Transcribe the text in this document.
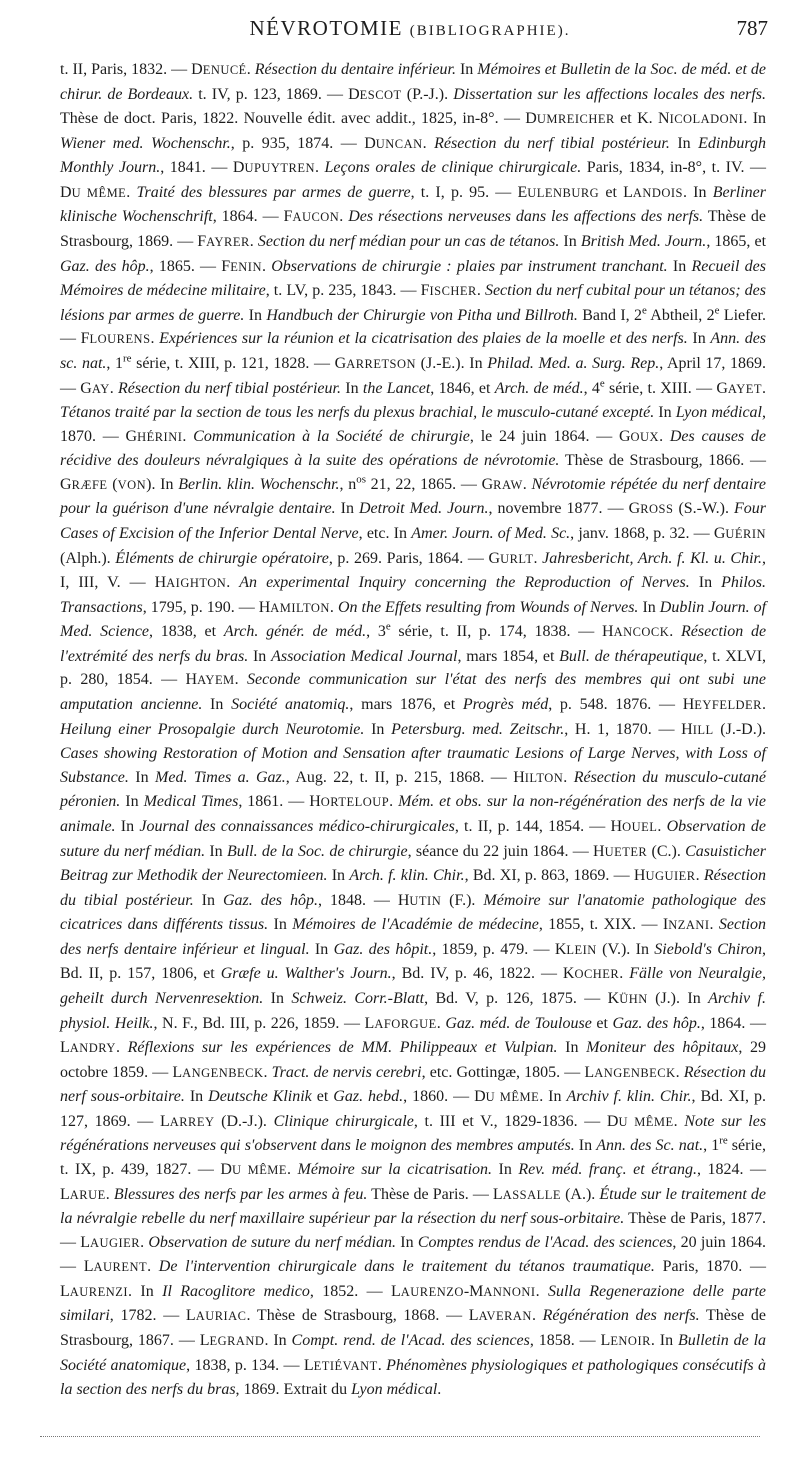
NÉVROTOMIE (BIBLIOGRAPHIE).	787

t. II, Paris, 1832. — DENUCÉ. Résection du dentaire inférieur. In Mémoires et Bulletin de la Soc. de méd. et de chirur. de Bordeaux. t. IV, p. 123, 1869. — DESCOT (P.-J.). Dissertation sur les affections locales des nerfs. Thèse de doct. Paris, 1822. Nouvelle édit. avec addit., 1825, in-8°. — DUMREICHER et K. NICOLADONI. In Wiener med. Wochenschr., p. 935, 1874. — DUNCAN. Résection du nerf tibial postérieur. In Edinburgh Monthly Journ., 1841. — DUPUYTREN. Leçons orales de clinique chirurgicale. Paris, 1834, in-8°, t. IV. — DU MÊME. Traité des blessures par armes de guerre, t. I, p. 95. — EULENBURG et LANDOIS. In Berliner klinische Wochenschrift, 1864. — FAUCON. Des résections nerveuses dans les affections des nerfs. Thèse de Strasbourg, 1869. — FAYRER. Section du nerf médian pour un cas de tétanos. In British Med. Journ., 1865, et Gaz. des hôp., 1865. — FENIN. Observations de chirurgie : plaies par instrument tranchant. In Recueil des Mémoires de médecine militaire, t. LV, p. 235, 1843. — FISCHER. Section du nerf cubital pour un tétanos; des lésions par armes de guerre. In Handbuch der Chirurgie von Pitha und Billroth. Band I, 2e Abtheil, 2e Liefer. — FLOURENS. Expériences sur la réunion et la cicatrisation des plaies de la moelle et des nerfs. In Ann. des sc. nat., 1re série, t. XIII, p. 121, 1828. — GARRETSON (J.-E.). In Philad. Med. a. Surg. Rep., April 17, 1869. — GAY. Résection du nerf tibial postérieur. In the Lancet, 1846, et Arch. de méd., 4e série, t. XIII. — GAYET. Tétanos traité par la section de tous les nerfs du plexus brachial, le musculo-cutané excepté. In Lyon médical, 1870. — GHÉRINI. Communication à la Société de chirurgie, le 24 juin 1864. — GOUX. Des causes de récidive des douleurs névralgiques à la suite des opérations de névrotomie. Thèse de Strasbourg, 1866. — GRÆFE (VON). In Berlin. klin. Wochenschr., $n^{os}$ 21, 22, 1865. — GRAW. Névrotomie répétée du nerf dentaire pour la guérison d'une névralgie dentaire. In Detroit Med. Journ., novembre 1877. — GROSS (S.-W.). Four Cases of Excision of the Inferior Dental Nerve, etc. In Amer. Journ. of Med. Sc., janv. 1868, p. 32. — GUÉRIN (Alph.). Éléments de chirurgie opératoire, p. 269. Paris, 1864. — GURLT. Jahresbericht, Arch. f. Kl. u. Chir., I, III, V. — HAIGHTON. An experimental Inquiry concerning the Reproduction of Nerves. In Philos. Transactions, 1795, p. 190. — HAMILTON. On the Effets resulting from Wounds of Nerves. In Dublin Journ. of Med. Science, 1838, et Arch. génér. de méd., 3e série, t. II, p. 174, 1838. — HANCOCK. Résection de l'extrémité des nerfs du bras. In Association Medical Journal, mars 1854, et Bull. de thérapeutique, t. XLVI, p. 280, 1854. — HAYEM. Seconde communication sur l'état des nerfs des membres qui ont subi une amputation ancienne. In Société anatomiq., mars 1876, et Progrès méd, p. 548. 1876. — HEYFELDER. Heilung einer Prosopalgie durch Neurotomie. In Petersburg. med. Zeitschr., H. 1, 1870. — HILL (J.-D.). Cases showing Restoration of Motion and Sensation after traumatic Lesions of Large Nerves, with Loss of Substance. In Med. Times a. Gaz., Aug. 22, t. II, p. 215, 1868. — HILTON. Résection du musculo-cutané péronien. In Medical Times, 1861. — HORTELOUP. Mém. et obs. sur la non-régénération des nerfs de la vie animale. In Journal des connaissances médico-chirurgicales, t. II, p. 144, 1854. — HOUEL. Observation de suture du nerf médian. In Bull. de la Soc. de chirurgie, séance du 22 juin 1864. — HUETER (C.). Casuisticher Beitrag zur Methodik der Neurectomieen. In Arch. f. klin. Chir., Bd. XI, p. 863, 1869. — HUGUIER. Résection du tibial postérieur. In Gaz. des hôp., 1848. — HUTIN (F.). Mémoire sur l'anatomie pathologique des cicatrices dans différents tissus. In Mémoires de l'Académie de médecine, 1855, t. XIX. — INZANI. Section des nerfs dentaire inférieur et lingual. In Gaz. des hôpit., 1859, p. 479. — KLEIN (V.). In Siebold's Chiron, Bd. II, p. 157, 1806, et Græfe u. Walther's Journ., Bd. IV, p. 46, 1822. — KOCHER. Fälle von Neuralgie, geheilt durch Nervenresektion. In Schweiz. Corr.-Blatt, Bd. V, p. 126, 1875. — KÜHN (J.). In Archiv f. physiol. Heilk., N. F., Bd. III, p. 226, 1859. — LAFORGUE. Gaz. méd. de Toulouse et Gaz. des hôp., 1864. — LANDRY. Réflexions sur les expériences de MM. Philippeaux et Vulpian. In Moniteur des hôpitaux, 29 octobre 1859. — LANGENBECK. Tract. de nervis cerebri, etc. Gottingæ, 1805. — LANGENBECK. Résection du nerf sous-orbitaire. In Deutsche Klinik et Gaz. hebd., 1860. — DU MÊME. In Archiv f. klin. Chir., Bd. XI, p. 127, 1869. — LARREY (D.-J.). Clinique chirurgicale, t. III et V., 1829-1836. — DU MÊME. Note sur les régénérations nerveuses qui s'observent dans le moignon des membres amputés. In Ann. des Sc. nat., 1re série, t. IX, p. 439, 1827. — DU MÊME. Mémoire sur la cicatrisation. In Rev. méd. franç. et étrang., 1824. — LARUE. Blessures des nerfs par les armes à feu. Thèse de Paris. — LASSALLE (A.). Étude sur le traitement de la névralgie rebelle du nerf maxillaire supérieur par la résection du nerf sous-orbitaire. Thèse de Paris, 1877. — LAUGIER. Observation de suture du nerf médian. In Comptes rendus de l'Acad. des sciences, 20 juin 1864. — LAURENT. De l'intervention chirurgicale dans le traitement du tétanos traumatique. Paris, 1870. — LAURENZI. In Il Racoglitore medico, 1852. — LAURENZO-MANNONI. Sulla Regenerazione delle parte similari, 1782. — LAURIAC. Thèse de Strasbourg, 1868. — LAVERAN. Régénération des nerfs. Thèse de Strasbourg, 1867. — LEGRAND. In Compt. rend. de l'Acad. des sciences, 1858. — LENOIR. In Bulletin de la Société anatomique, 1838, p. 134. — LETIÉVANT. Phénomènes physiologiques et pathologiques consécutifs à la section des nerfs du bras, 1869. Extrait du Lyon médical.
